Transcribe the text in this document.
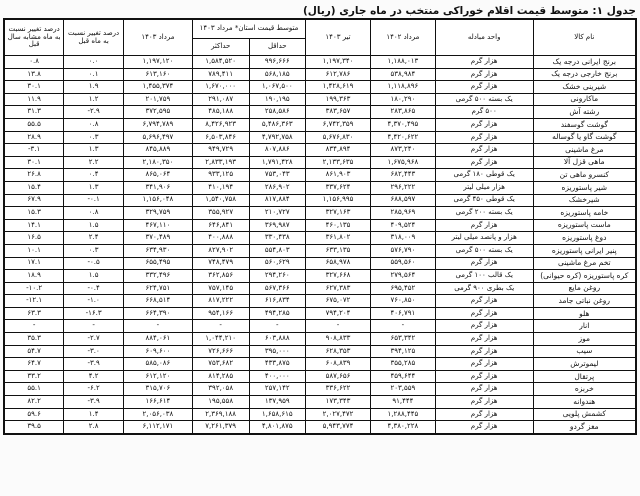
جدول ۱: متوسط قیمت اقلام خوراکی منتخب در ماه جاری (ریال)
نام کالا	واحد مبادله	مرداد ۱۴۰۲	تیر ۱۴۰۳	متوسط قیمت استان* مرداد ۱۴۰۳		مرداد ۱۴۰۳	درصد تغییر نسبت به ماه قبل	درصد تغییر نسبت به ماه مشابه سال قبل
				حداقل	حداکثر			
برنج ایرانی درجه یک	هزار گرم	۱,۱۸۸,۰۱۳	۱,۱۹۷,۳۴۰	۹۹۶,۶۶۶	۱,۵۸۴,۵۲۰	۱,۱۹۷,۱۲۰	۰.۰	۰.۸
برنج خارجی درجه یک	هزار گرم	۵۳۸,۹۸۴	۶۱۲,۷۸۶	۵۶۸,۱۸۵	۷۸۹,۴۱۱	۶۱۳,۱۶۰	۰.۱	۱۳.۸
شیرینی خشک	هزار گرم	۱,۱۱۸,۸۹۶	۱,۴۲۸,۶۱۹	۱,۰۶۷,۵۰۰	۱,۶۷۰,۰۰۰	۱,۴۵۵,۳۷۴	۱.۹	۳۰.۱
ماکارونی	یک بسته ۵۰۰ گرمی	۱۸۰,۲۹۰	۱۹۹,۳۶۳	۱۹۰,۱۹۵	۲۹۱,۰۸۷	۲۰۱,۷۵۹	۱.۲	۱۱.۹
رشته آش	۵۰۰ گرم	۲۸۳,۸۶۵	۳۸۳,۶۵۷	۲۵۸,۵۸۶	۴۸۵,۱۸۸	۳۷۲,۵۹۵	-۲.۹	۳۱.۳
گوشت گوسفند	هزار گرم	۴,۳۷۰,۴۹۵	۶,۷۴۲,۳۵۹	۵,۴۸۶,۳۶۳	۸,۴۲۶,۹۲۳	۶,۷۹۴,۷۸۹	۰.۸	۵۵.۵
گوشت گاو یا گوساله	هزار گرم	۴,۴۲۰,۶۲۲	۵,۶۷۶,۸۳۰	۴,۷۹۲,۷۵۸	۶,۵۰۳,۸۴۶	۵,۶۹۶,۴۹۷	۰.۳	۲۸.۹
مرغ ماشینی	هزار گرم	۸۷۳,۲۴۰	۸۳۴,۸۹۴	۸۰۷,۸۸۶	۹۴۹,۷۲۹	۸۴۵,۸۸۹	۱.۳	-۳.۱
ماهی قزل آلا	هزار گرم	۱,۶۷۵,۹۶۸	۲,۱۳۳,۶۳۵	۱,۷۹۱,۴۲۸	۲,۸۳۳,۱۹۳	۲,۱۸۰,۳۵۰	۲.۲	۳۰.۱
کنسرو ماهی تن	یک قوطی ۱۸۰ گرمی	۶۸۲,۴۴۳	۸۶۱,۹۰۳	۷۵۳,۰۴۳	۹۳۳,۱۲۵	۸۶۵,۰۶۴	۰.۴	۲۶.۸
شیر پاستوریزه	هزار میلی لیتر	۲۹۶,۲۲۲	۳۳۷,۶۲۴	۲۸۶,۹۰۲	۴۱۰,۱۹۴	۳۴۱,۹۰۶	۱.۳	۱۵.۴
شیرخشک	یک قوطی ۴۵۰ گرمی	۶۸۸,۵۹۷	۱,۱۵۶,۹۹۵	۸۱۷,۸۸۴	۱,۵۴۰,۷۵۸	۱,۱۵۶,۰۴۸	-۰.۱	۶۷.۹
خامه پاستوریزه	یک بسته ۲۰۰ گرمی	۲۸۵,۹۶۹	۳۲۷,۱۶۳	۲۱۰,۷۲۷	۳۵۵,۹۲۷	۳۲۹,۷۵۹	۰.۸	۱۵.۳
ماست پاستوریزه	هزار گرم	۴۰۹,۵۲۴	۴۶۰,۱۳۵	۳۶۹,۹۸۷	۶۴۶,۸۴۱	۴۶۷,۱۱۰	۱.۵	۱۴.۱
دوغ پاستوریزه	هزار و پانصد میلی لیتر	۳۱۸,۰۰۹	۳۶۱,۸۰۲	۳۳۰,۴۳۸	۴۰۰,۸۸۸	۳۷۰,۴۸۹	۲.۴	۱۶.۵
پنیر ایرانی پاستوریزه	یک بسته ۵۰۰ گرمی	۵۷۶,۷۹۰	۶۳۳,۱۳۵	۵۵۴,۸۰۳	۸۲۷,۹۰۲	۶۳۴,۹۳۰	۰.۳	۱۰.۱
تخم مرغ ماشینی	هزار گرم	۵۵۹,۵۶۰	۶۵۸,۹۷۸	۵۶۰,۶۲۹	۷۴۸,۴۷۹	۶۵۵,۴۹۵	-۰.۵	۱۷.۱
کره پاستوریزه (کره حیوانی)	یک قالب ۱۰۰ گرمی	۲۷۹,۵۶۴	۳۲۷,۶۶۸	۲۹۴,۲۶۰	۳۶۲,۸۵۶	۳۳۲,۴۹۶	۱.۵	۱۸.۹
روغن مایع	یک بطری ۹۰۰ گرمی	۶۹۵,۴۵۲	۶۲۷,۳۸۳	۵۶۷,۳۶۶	۷۵۷,۱۴۵	۶۲۴,۷۵۱	-۰.۴	-۱۰.۲
روغن نباتی جامد	هزار گرم	۷۶۰,۸۵۰	۶۷۵,۰۷۲	۶۱۶,۸۳۴	۸۱۷,۲۲۲	۶۶۸,۵۱۴	-۱.۰	-۱۲.۱
هلو	هزار گرم	۴۰۶,۷۹۱	۷۹۴,۲۰۴	۴۹۴,۲۸۵	۹۵۴,۱۶۶	۶۶۴,۳۹۰	-۱۶.۳	۶۳.۳
انار	هزار گرم	-	-	-	-	-	-	-
موز	هزار گرم	۶۵۳,۳۴۲	۹۰۸,۸۳۳	۶۰۳,۸۸۸	۱,۰۴۴,۲۱۰	۸۸۴,۰۶۱	-۲.۷	۳۵.۳
سیب	هزار گرم	۳۹۴,۱۲۵	۶۲۸,۳۵۳	۳۹۵,۰۰۰	۷۲۶,۶۶۶	۶۰۹,۶۰۰	-۳.۰	۵۴.۷
لیموترش	هزار گرم	۳۵۵,۲۸۵	۶۰۸,۸۳۹	۴۳۳,۸۷۵	۷۵۳,۶۸۲	۵۸۵,۰۸۶	-۳.۹	۶۴.۷
پرتقال	هزار گرم	۴۵۹,۶۴۴	۵۸۷,۶۵۶	۴۰۰,۰۰۰	۸۱۴,۲۸۵	۶۱۲,۱۲۰	۴.۲	۳۳.۲
خربزه	هزار گرم	۲۰۳,۵۵۹	۳۳۶,۶۲۲	۲۵۷,۱۴۲	۳۹۲,۰۵۸	۳۱۵,۷۰۶	-۶.۲	۵۵.۱
هندوانه	هزار گرم	۹۱,۴۴۴	۱۷۳,۳۴۳	۱۳۷,۹۵۹	۱۹۵,۵۵۸	۱۶۶,۶۱۴	-۳.۹	۸۲.۲
کشمش پلویی	هزار گرم	۱,۲۸۸,۴۴۵	۲,۰۲۷,۴۷۲	۱,۶۵۸,۶۱۵	۲,۳۶۹,۱۸۸	۲,۰۵۶,۰۳۸	۱.۴	۵۹.۶
مغز گردو	هزار گرم	۴,۳۸۰,۲۲۸	۵,۹۴۳,۷۷۴	۴,۸۰۱,۸۷۵	۷,۲۶۱,۳۷۹	۶,۱۱۲,۱۷۱	۲.۸	۳۹.۵
